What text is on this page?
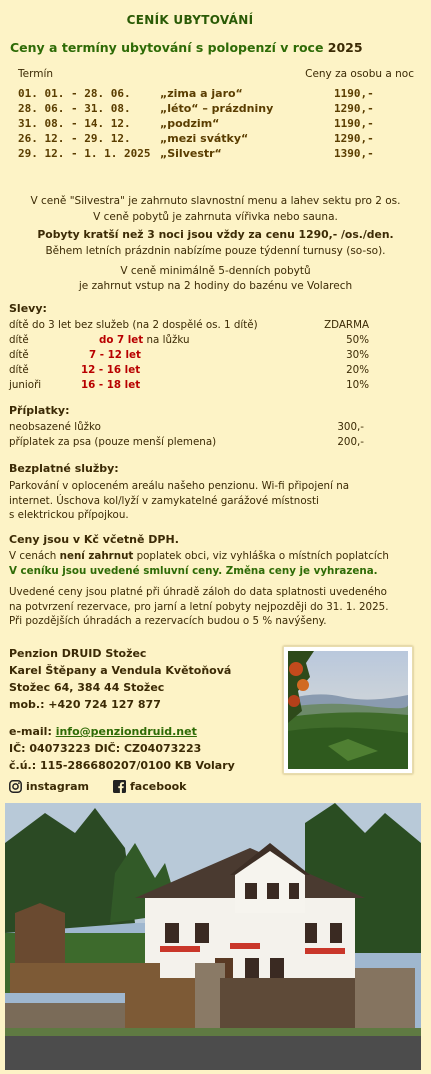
CENÍK UBYTOVÁNÍ
Ceny a termíny ubytování s polopenzí v roce 2025
Termín	Ceny za osobu a noc
01. 01. - 28. 06.	„zima a jaro“	1190,-
28. 06. - 31. 08.	„léto“ – prázdniny	1290,-
31. 08. - 14. 12.	„podzim“	1190,-
26. 12. - 29. 12.	„mezi svátky“	1290,-
29. 12. - 1. 1. 2025 „Silvestr“	1390,-
V ceně "Silvestra" je zahrnuto slavnostní menu a lahev sektu pro 2 os.
V ceně pobytů je zahrnuta vířivka nebo sauna.
Pobyty kratší než 3 noci jsou vždy za cenu 1290,- /os./den.
Během letních prázdnin nabízíme pouze týdenní turnusy (so-so).
V ceně minimálně 5-denních pobytů
je zahrnut vstup na 2 hodiny do bazénu ve Volarech
Slevy:
dítě do 3 let bez služeb (na 2 dospělé os. 1 dítě)	ZDARMA
dítě	do 7 let na lůžku	50%
dítě	7 - 12 let	30%
dítě	12 - 16 let	20%
junioři	16 - 18 let	10%
Příplatky:
neobsazené lůžko	300,-
příplatek za psa (pouze menší plemena)	200,-
Bezplatné služby:
Parkování v oploceném areálu našeho penzionu. Wi-fi připojení na
internet. Úschova kol/lyží v zamykatelné garážové místnosti
s elektrickou přípojkou.
Ceny jsou v Kč včetně DPH.
V cenách není zahrnut poplatek obci, viz vyhláška o místních poplatcích
V ceníku jsou uvedené smluvní ceny. Změna ceny je vyhrazena.
Uvedené ceny jsou platné při úhradě záloh do data splatnosti uvedeného
na potvrzení rezervace, pro jarní a letní pobyty nejpozději do 31. 1. 2025.
Při pozdějších úhradách a rezervacích budou o 5 % navýšeny.
Penzion DRUID Stožec
Karel Štěpany a Vendula Květoňová
Stožec 64, 384 44 Stožec
mob.: +420 724 127 877
e-mail: info@penziondruid.net
IČ: 04073223 DIČ: CZ04073223
č.ú.: 115-286680207/0100 KB Volary
instagram	facebook
